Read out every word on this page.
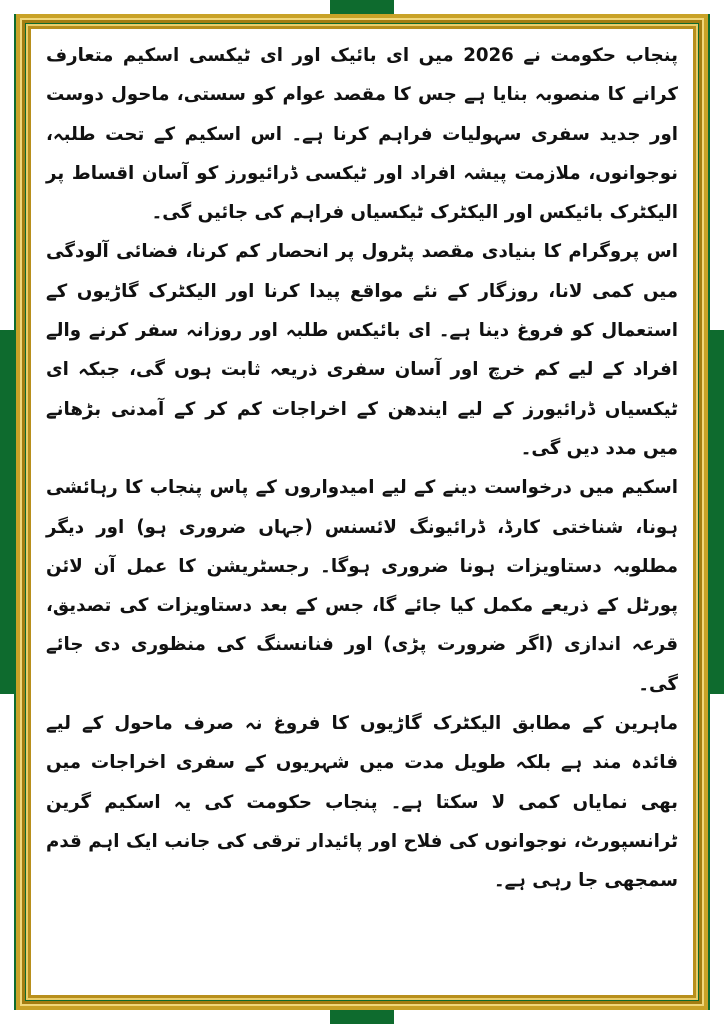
پنجاب حکومت نے 2026 میں ای بائیک اور ای ٹیکسی اسکیم متعارف کرانے کا منصوبہ بنایا ہے جس کا مقصد عوام کو سستی، ماحول دوست اور جدید سفری سہولیات فراہم کرنا ہے۔ اس اسکیم کے تحت طلبہ، نوجوانوں، ملازمت پیشہ افراد اور ٹیکسی ڈرائیورز کو آسان اقساط پر الیکٹرک بائیکس اور الیکٹرک ٹیکسیاں فراہم کی جائیں گی۔

اس پروگرام کا بنیادی مقصد پٹرول پر انحصار کم کرنا، فضائی آلودگی میں کمی لانا، روزگار کے نئے مواقع پیدا کرنا اور الیکٹرک گاڑیوں کے استعمال کو فروغ دینا ہے۔ ای بائیکس طلبہ اور روزانہ سفر کرنے والے افراد کے لیے کم خرچ اور آسان سفری ذریعہ ثابت ہوں گی، جبکہ ای ٹیکسیاں ڈرائیورز کے لیے ایندھن کے اخراجات کم کر کے آمدنی بڑھانے میں مدد دیں گی۔

اسکیم میں درخواست دینے کے لیے امیدواروں کے پاس پنجاب کا رہائشی ہونا، شناختی کارڈ، ڈرائیونگ لائسنس (جہاں ضروری ہو) اور دیگر مطلوبہ دستاویزات ہونا ضروری ہوگا۔ رجسٹریشن کا عمل آن لائن پورٹل کے ذریعے مکمل کیا جائے گا، جس کے بعد دستاویزات کی تصدیق، قرعہ اندازی (اگر ضرورت پڑی) اور فنانسنگ کی منظوری دی جائے گی۔

ماہرین کے مطابق الیکٹرک گاڑیوں کا فروغ نہ صرف ماحول کے لیے فائدہ مند ہے بلکہ طویل مدت میں شہریوں کے سفری اخراجات میں بھی نمایاں کمی لا سکتا ہے۔ پنجاب حکومت کی یہ اسکیم گرین ٹرانسپورٹ، نوجوانوں کی فلاح اور پائیدار ترقی کی جانب ایک اہم قدم سمجھی جا رہی ہے۔
